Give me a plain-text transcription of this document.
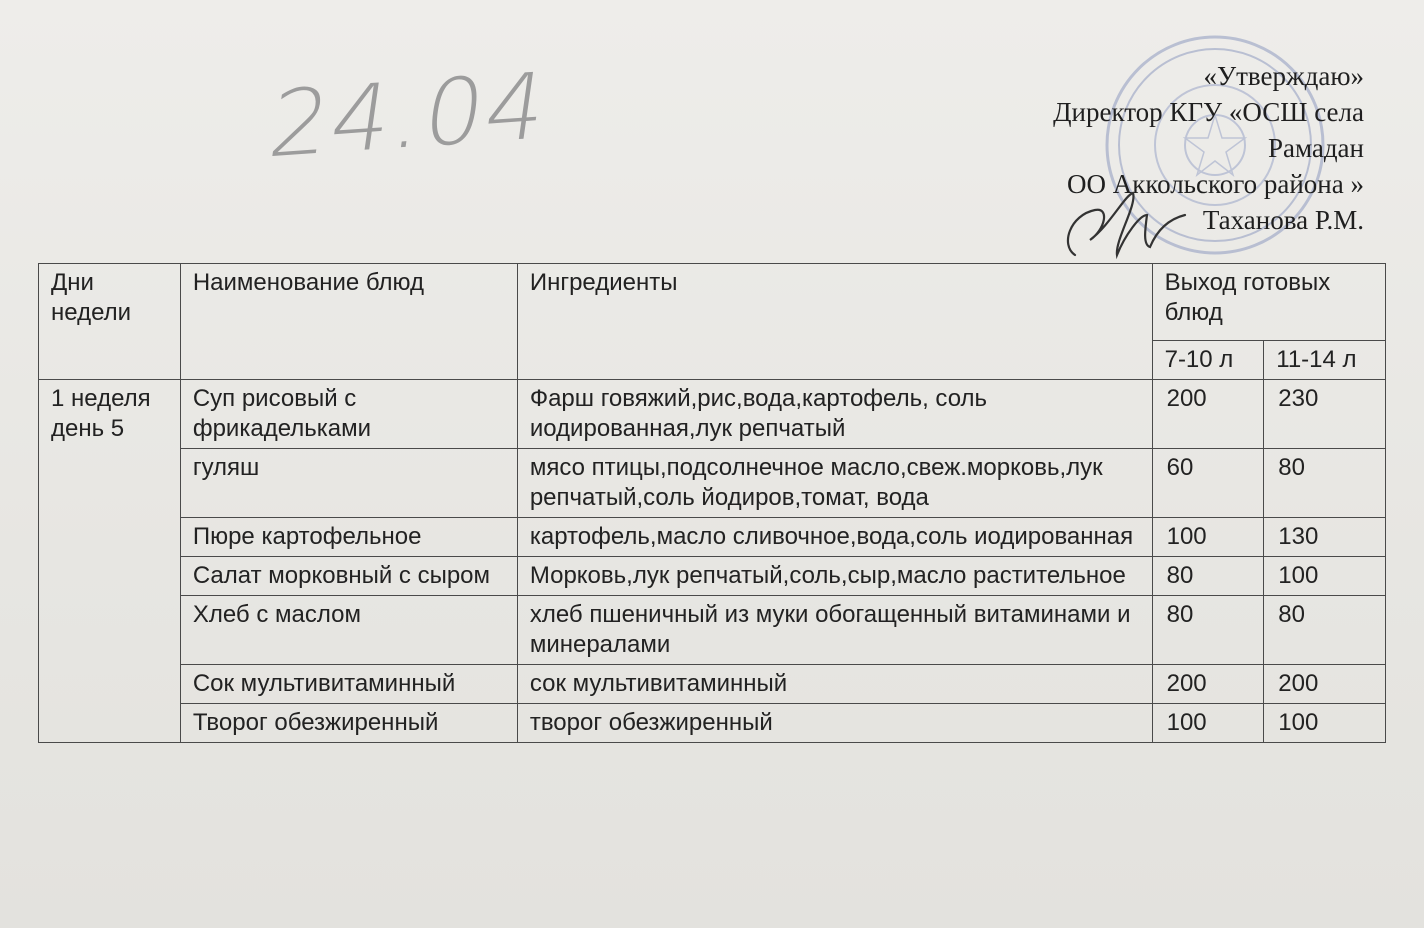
24.04	«Утверждаю»
Директор КГУ «ОСШ села
Рамадан
ОО Аккольского района »
Таханова Р.М.
Дни недели	Наименование блюд	Ингредиенты	Выход готовых блюд	
			7-10 л	11-14 л
1 неделя день 5	Суп рисовый с фрикадельками	Фарш говяжий,рис,вода,картофель, соль иодированная,лук репчатый	200	230
	гуляш	мясо птицы,подсолнечное масло,свеж.морковь,лук репчатый,соль йодиров,томат, вода	60	80
	Пюре картофельное	картофель,масло сливочное,вода,соль иодированная	100	130
	Салат морковный с сыром	Морковь,лук репчатый,соль,сыр,масло растительное	80	100
	Хлеб с маслом	хлеб пшеничный из муки обогащенный витаминами и минералами	80	80
	Сок мультивитаминный	сок мультивитаминный	200	200
	Творог обезжиренный	творог обезжиренный	100	100
